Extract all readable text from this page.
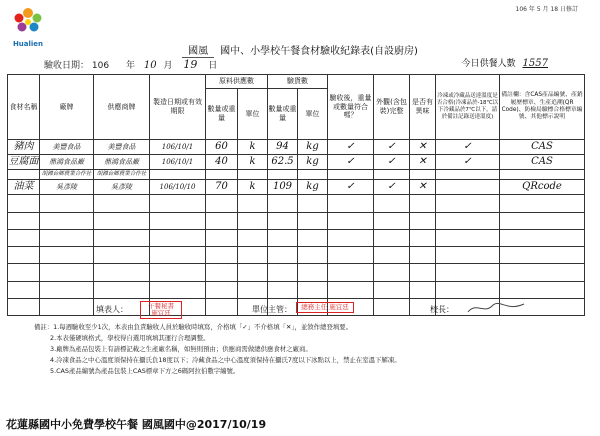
Hualien
106 年 5 月 18 日修訂
國風 國中、小學校午餐食材驗收紀錄表(自設廚房)
驗收日期： 106 年 10 月 19 日	今日供餐人數 1557
食材名稱	廠牌	供應商牌	製造日期或有效期限	原料供應數		驗貨數		驗收後，重量或數量符合嗎？	外觀(含包裝)完整	是否有異味	冷凍或冷藏品送達溫度是否合格(冷凍品於-18℃以下冷藏品於7℃以下，請於備註記錄送達溫度)	備註欄：含CAS產品編號、產銷履歷標章、生產追溯(QR Code)、防檢局驗標合格標章編號、其他標示說明
				數量或重量	單位	數量或重量	單位					
豬肉	美豐食品	美豐食品	106/10/1	60	k	94	kg	✓	✓	✕	✓	CAS
豆腐面	鼎鴻食品廠	鼎鴻食品廠	106/10/1	40	k	62.5	kg	✓	✓	✕	✓	CAS
	胡錦台鄉農業合作社	胡錦台鄉農業合作社										
油菜	吳彥陵	吳彥陵	106/10/10	70	k	109	kg	✓	✓	✕		QRcode

填表人：	午餐秘書 施宜廷	單位主管：	總務主任 施宜廷	校長：
備註：1.每週驗收至少1次，本表由負責驗收人員於驗收時填寫，介格填「✓」不介格填「✕」，並敘作總登填要。
2.本表僅硬填格式，學校得自選用填填其運行合理調整。
3.廠牌為產品包裝上有請標記載之生產廠名稱，如無則預由；供應商需做總供應食材之廠商。
4.冷凍食品之中心溫度須保持在攝氏負18度以下；冷藏食品之中心溫度須保持在攝氏7度以下冰點以上，禁止在室溫下解凍。
5.CAS產品編號為產品包裝上CAS標章下方之6碼阿拉伯數字編號。
花蓮縣國中小免費學校午餐 國風國中@2017/10/19
